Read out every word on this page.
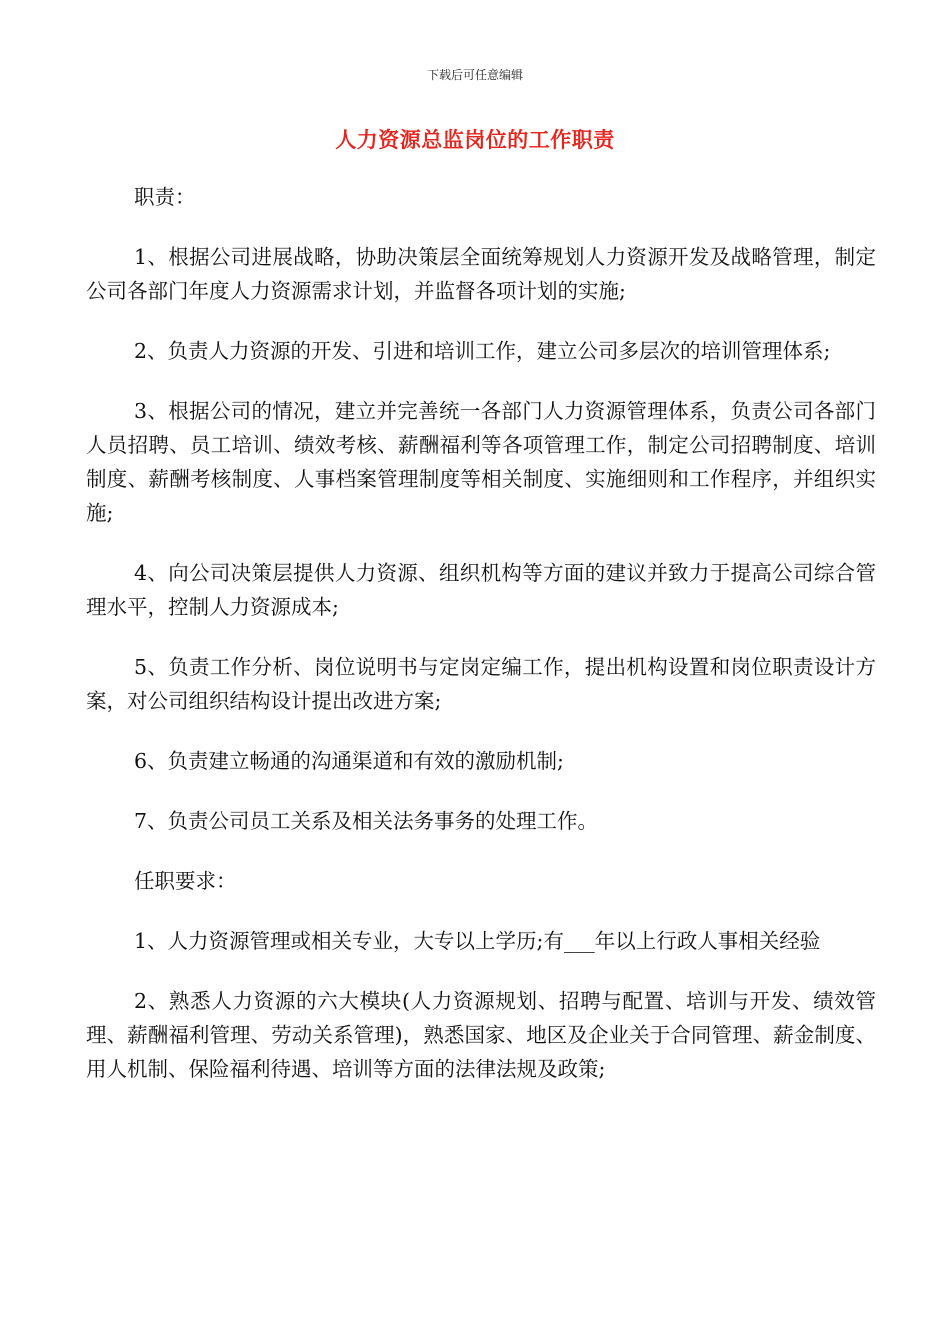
下载后可任意编辑
人力资源总监岗位的工作职责

职责：

1、根据公司进展战略，协助决策层全面统筹规划人力资源开发及战略管理，制定公司各部门年度人力资源需求计划，并监督各项计划的实施;

2、负责人力资源的开发、引进和培训工作，建立公司多层次的培训管理体系;

3、根据公司的情况，建立并完善统一各部门人力资源管理体系，负责公司各部门人员招聘、员工培训、绩效考核、薪酬福利等各项管理工作，制定公司招聘制度、培训制度、薪酬考核制度、人事档案管理制度等相关制度、实施细则和工作程序，并组织实施;

4、向公司决策层提供人力资源、组织机构等方面的建议并致力于提高公司综合管理水平，控制人力资源成本;

5、负责工作分析、岗位说明书与定岗定编工作，提出机构设置和岗位职责设计方案，对公司组织结构设计提出改进方案;

6、负责建立畅通的沟通渠道和有效的激励机制;

7、负责公司员工关系及相关法务事务的处理工作。

任职要求：

1、人力资源管理或相关专业，大专以上学历;有___年以上行政人事相关经验

2、熟悉人力资源的六大模块(人力资源规划、招聘与配置、培训与开发、绩效管理、薪酬福利管理、劳动关系管理)，熟悉国家、地区及企业关于合同管理、薪金制度、用人机制、保险福利待遇、培训等方面的法律法规及政策;
